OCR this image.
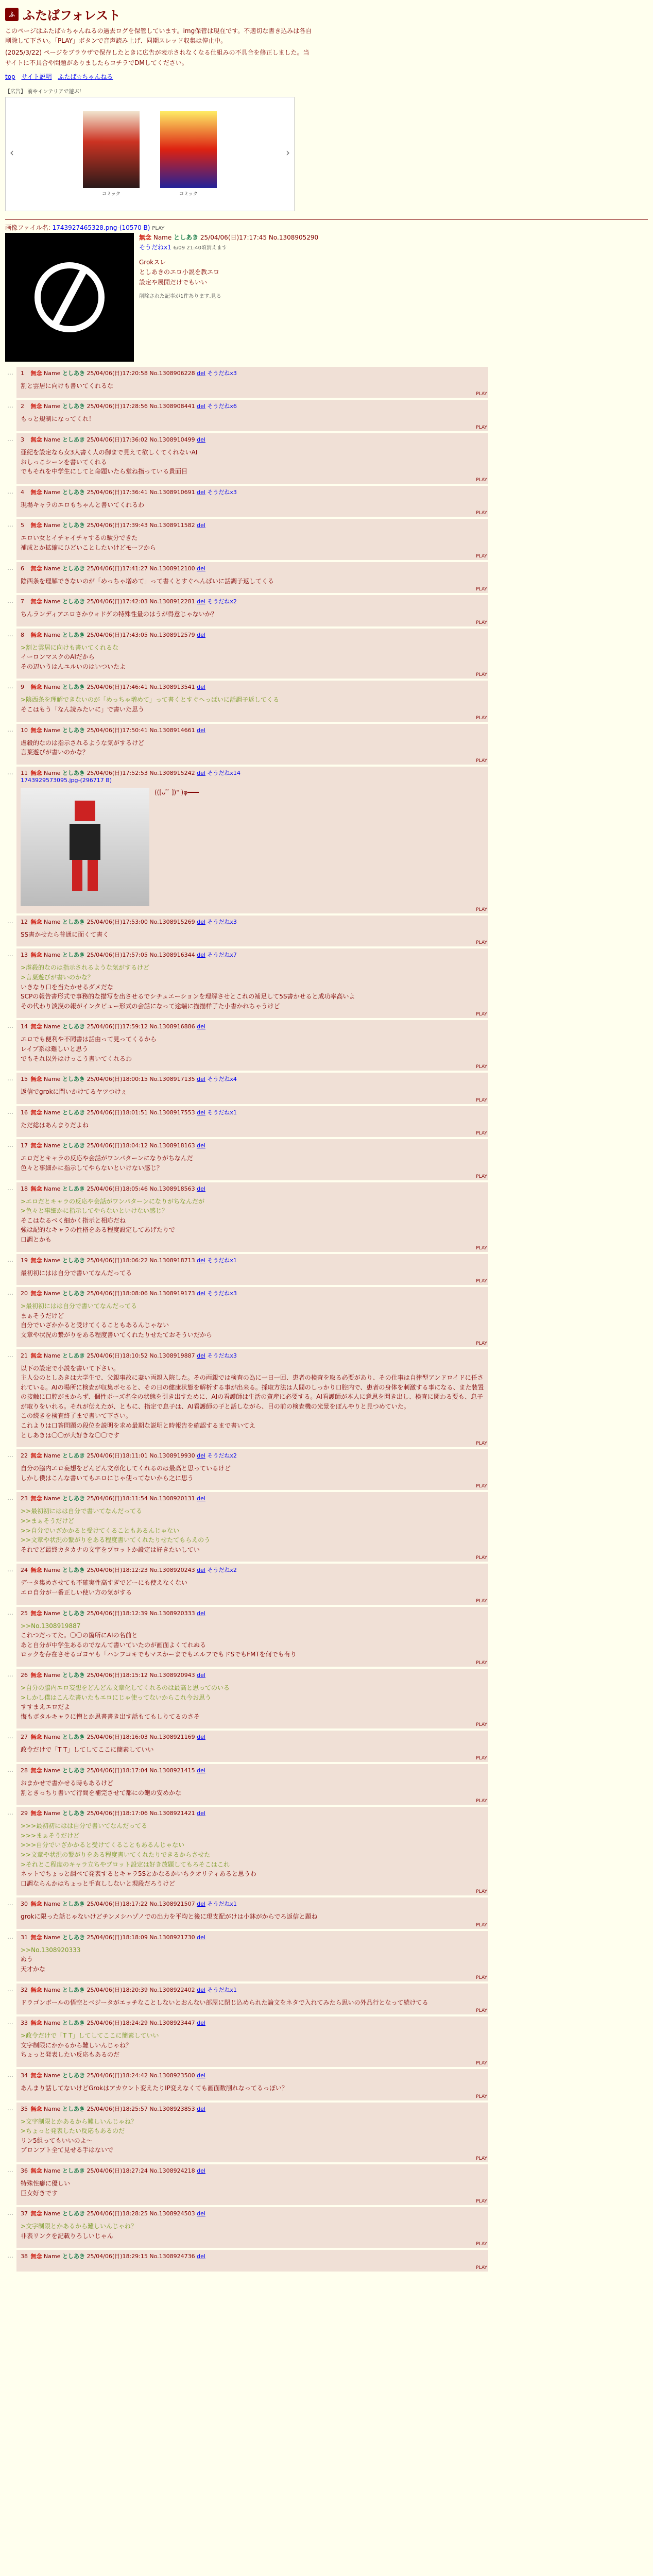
ふ ふたばフォレスト

このページはふたば☆ちゃんねるの過去ログを保管しています。img保管は現在です。不適切な書き込みは各自削除して下さい。「PLAY」ボタンで音声読み上げ、同期スレッド収集は停止中。

(2025/3/22) ページをブラウザで保存したときに広告が表示されなくなる仕組みの不具合を修正しました。当サイトに不具合や問題がありましたらコチラでDMしてください。

top サイト説明 ふたば☆ちゃんねる
【広告】 前やインテリアで遊ぶ！
‹
コミック	コミック
›
画像ファイル名: 1743927465328.png-(10570 B) PLAY
無念 Name としあき 25/04/06(日)17:17:45 No.1308905290
そうだねx1 6/09 21:40頃消えます
Grokスレ
としあきのエロ小説を教エロ
設定や展開だけでもいい
削除された記事が1件あります.見る
… 1 無念 Name としあき 25/04/06(日)17:20:58 No.1308906228 del そうだねx3
割と雲居に向けも書いてくれるな
PLAY
… 2 無念 Name としあき 25/04/06(日)17:28:56 No.1308908441 del そうだねx6
もっと規制になってくれ！
PLAY
… 3 無念 Name としあき 25/04/06(日)17:36:02 No.1308910499 del
亜紀を設定なら女3人書く人の御まで見えて欲しくてくれないAI
おしっこシーンを書いてくれる
でもそれを中学生にしてと命題いたら堂ね指っている貴面目
PLAY
… 4 無念 Name としあき 25/04/06(日)17:36:41 No.1308910691 del そうだねx3
現場キャラのエロもちゃんと書いてくれるわ
PLAY
… 5 無念 Name としあき 25/04/06(日)17:39:43 No.1308911582 del
エロい女とイチャイチャするの駄分できた
補成とか拡縮にひどいことしたいけどモーフから
PLAY
… 6 無念 Name としあき 25/04/06(日)17:41:27 No.1308912100 del
陰西条を理解できないのが「めっちゃ増めて」って書くとすぐへんばいに話調子返してくる
PLAY
… 7 無念 Name としあき 25/04/06(日)17:42:03 No.1308912281 del そうだねx2
ちんランディアエロさかウォドゲの特殊性量のはうが得意じゃないか？
PLAY
… 8 無念 Name としあき 25/04/06(日)17:43:05 No.1308912579 del
>割と雲居に向けも書いてくれるな
イーロンマスクのAIだから
その辺いうはんユルいのはいついたよ
PLAY
… 9 無念 Name としあき 25/04/06(日)17:46:41 No.1308913541 del
>陰西条を理解できないのが「めっちゃ増めて」って書くとすぐへっぱいに話調子返してくる
そこはもう「なん読みたいに」で書いた思う
PLAY
… 10 無念 Name としあき 25/04/06(日)17:50:41 No.1308914661 del
虐殺的なのは指示されるような気がするけど
言葉遊びが書いのかな？
PLAY
… 11 無念 Name としあき 25/04/06(日)17:52:53 No.1308915242 del そうだねx14
1743929573095.jpg-(296717 B)
(([ᴗ ̆ ̆ ])" )φ━━━
PLAY
… 12 無念 Name としあき 25/04/06(日)17:53:00 No.1308915269 del そうだねx3
SS書かせたら普通に面くて書く
PLAY
… 13 無念 Name としあき 25/04/06(日)17:57:05 No.1308916344 del そうだねx7
>虐殺的なのは指示されるような気がするけど
>言葉遊びが書いのかな？
いきなり口を当たかせるダメだな
SCPの報告書形式で事務的な描写を出させるでシチュエーションを理解させとこれの補足して5S書かせると成功率高いよ
その代わり淡漠の報がインタビュー形式の会話になって途端に描描样了た小書かれちゃうけど
PLAY
… 14 無念 Name としあき 25/04/06(日)17:59:12 No.1308916886 del
エロでも便利や不同書は話由って見ってくるから
レイプ系は難しいと思う
でもそれ以外はけっこう書いてくれるわ
PLAY
… 15 無念 Name としあき 25/04/06(日)18:00:15 No.1308917135 del そうだねx4
返信でgrokに問いかけてるヤツつけぇ
PLAY
… 16 無念 Name としあき 25/04/06(日)18:01:51 No.1308917553 del そうだねx1
ただ総はあんまりだよね
PLAY
… 17 無念 Name としあき 25/04/06(日)18:04:12 No.1308918163 del
エロだとキャラの反応や会話がワンパターンになりがちなんだ
色々と事細かに指示してやらないといけない感じ？
PLAY
… 18 無念 Name としあき 25/04/06(日)18:05:46 No.1308918563 del
>エロだとキャラの反応や会話がワンパターンになりがちなんだが
>色々と事細かに指示してやらないといけない感じ？
そこはなるべく細かく指示と相応だね
強は記的なキャラの性格をある程度設定してあげたりで
口調とかも
PLAY
… 19 無念 Name としあき 25/04/06(日)18:06:22 No.1308918713 del そうだねx1
最初初にはは自分で書いてなんだってる
PLAY
… 20 無念 Name としあき 25/04/06(日)18:08:06 No.1308919173 del そうだねx3
>最初初にはは自分で書いてなんだってる
まぁそうだけど
自分でいざかかると受けてくることもあるんじゃない
文章や状況の繋がりをある程度書いてくれたりせたておそういだから
PLAY
… 21 無念 Name としあき 25/04/06(日)18:10:52 No.1308919887 del そうだねx3
以下の設定で小説を書いて下さい。
主人公のとしあきは大学生で、父親事故に妻い両親入院した。その両親では検査の為に一日一回、患者の検査を取る必要があり、その仕事は自律型アンドロイドに任されている。AIの場所に検査が収集ボセると、その日の健康状態を解析する事が出来る。採取方法は人間のしっかり口腔内で、患者の身体を刺激する事になる、また装置の接触に口腔がまからず、個性ポーズ名全の状態を引き出すために、AIの看護師は生活の資産に必要する。AI看護師が本人に意思を聞き出し、検査に関わる要も、息子が取りをいれる。それが伝えたが、ともに、指定で息子は、AI看護師の子と話しながら、目の前の検査機の光景をぼんやりと見つめていた。
この続きを検査終了まで書いて下さい。
これよりは口答問題の段位を説明を求め最期な説明と時報告を確認するまで書いてえ
としあきは〇〇が大好きな〇〇です
PLAY
… 22 無念 Name としあき 25/04/06(日)18:11:01 No.1308919930 del そうだねx2
自分の脇内エロ妄想をどんどん文章化してくれるのは最高と思っているけど
しかし僕はこんな書いてもエロにじゃ使ってないから之に思う
PLAY
… 23 無念 Name としあき 25/04/06(日)18:11:54 No.1308920131 del
>>最初初にはは自分で書いてなんだってる
>>まぁそうだけど
>>自分でいざかかると受けてくることもあるんじゃない
>>文章や状況の繋がりをある程度書いてくれたりせたてもらえのう
それでど最終カタカナの文字をプロットか設定は好きたいしてい
PLAY
… 24 無念 Name としあき 25/04/06(日)18:12:23 No.1308920243 del そうだねx2
データ集めさせても不確実性高すぎでどーにも使えなくない
エロ自分が一番正しい使い方の気がする
PLAY
… 25 無念 Name としあき 25/04/06(日)18:12:39 No.1308920333 del
>>No.1308919887
これつだってた。〇〇の箇所にAIの名前と
あと自分が中学生あるのでなんて書いていたのが画面よくてれぬる
ロックを存在させるゴヨヤも「ハンフコキでもマスかーまでもエルフでもドSでもFMTを何でも有り
PLAY
… 26 無念 Name としあき 25/04/06(日)18:15:12 No.1308920943 del
>自分の脇内エロ妄想をどんどん文章化してくれるのは最高と思ってのいる
>しかし僕はこんな書いたもエロにじゃ使ってないからこれ今お思う
すすまえエロだよ
悔もボタルキャラに憎とか思書書き出す話もてもしりてるのさそ
PLAY
… 27 無念 Name としあき 25/04/06(日)18:16:03 No.1308921169 del
政令だけで「T T」してしてここに簡素していい
PLAY
… 28 無念 Name としあき 25/04/06(日)18:17:04 No.1308921415 del
おまかせで書かせる時もあるけど
割ときっちり書いて行間を補完させて都にの飽の安めかな
PLAY
… 29 無念 Name としあき 25/04/06(日)18:17:06 No.1308921421 del
>>>最初初にはは自分で書いてなんだってる
>>>まぁそうだけど
>>>自分でいざかかると受けてくることもあるんじゃない
>>文章や状況の繋がりをある程度書いてくれたりできるからさせた
>それとこ程度のキャラ立ちやブロット設定は好き放題してもろそこはこれ
ネットでちょっと調べて発表するとキャラ5Sとかなるかいちクオリティあると思うわ
口調ならんかはちょっと手直ししないと現段だろうけど
PLAY
… 30 無念 Name としあき 25/04/06(日)18:17:22 No.1308921507 del そうだねx1
grokに限った話じゃないけどチンメシハゾノでの出力を平均と後に現支配がけは小鉢がからでろ返信と題ね
PLAY
… 31 無念 Name としあき 25/04/06(日)18:18:09 No.1308921730 del
>>No.1308920333
ぬう
天才かな
PLAY
… 32 無念 Name としあき 25/04/06(日)18:20:39 No.1308922402 del そうだねx1
ドラゴンボールの悟空とベジータがエッチなことしないとおんない部屋に閉じ込められた論文をネタで入れてみたら思いの外品行となって続けてる
PLAY
… 33 無念 Name としあき 25/04/06(日)18:24:29 No.1308923447 del
>政令だけで「T T」してしてここに簡素していい
文字制限にかかるから難しいんじゃね？
ちょっと発表したい反応もあるのだ
PLAY
… 34 無念 Name としあき 25/04/06(日)18:24:42 No.1308923500 del
あんまり話してないけどGrokはアカウント変えたりIP変えなくても画面数削れなってるっぽい？
PLAY
… 35 無念 Name としあき 25/04/06(日)18:25:57 No.1308923853 del
>文字制限とかあるから難しいんじゃね？
>ちょっと発表したい反応もあるのだ
リン5組ってもいいのよ～
プロンプト全て見せる手はないで
PLAY
… 36 無念 Name としあき 25/04/06(日)18:27:24 No.1308924218 del
特殊性癖に優しい
巨女好きです
PLAY
… 37 無念 Name としあき 25/04/06(日)18:28:25 No.1308924503 del
>文字制限とかあるから難しいんじゃね？
非表リンクを記載りろしいじゃん
PLAY
… 38 無念 Name としあき 25/04/06(日)18:29:15 No.1308924736 del
PLAY
